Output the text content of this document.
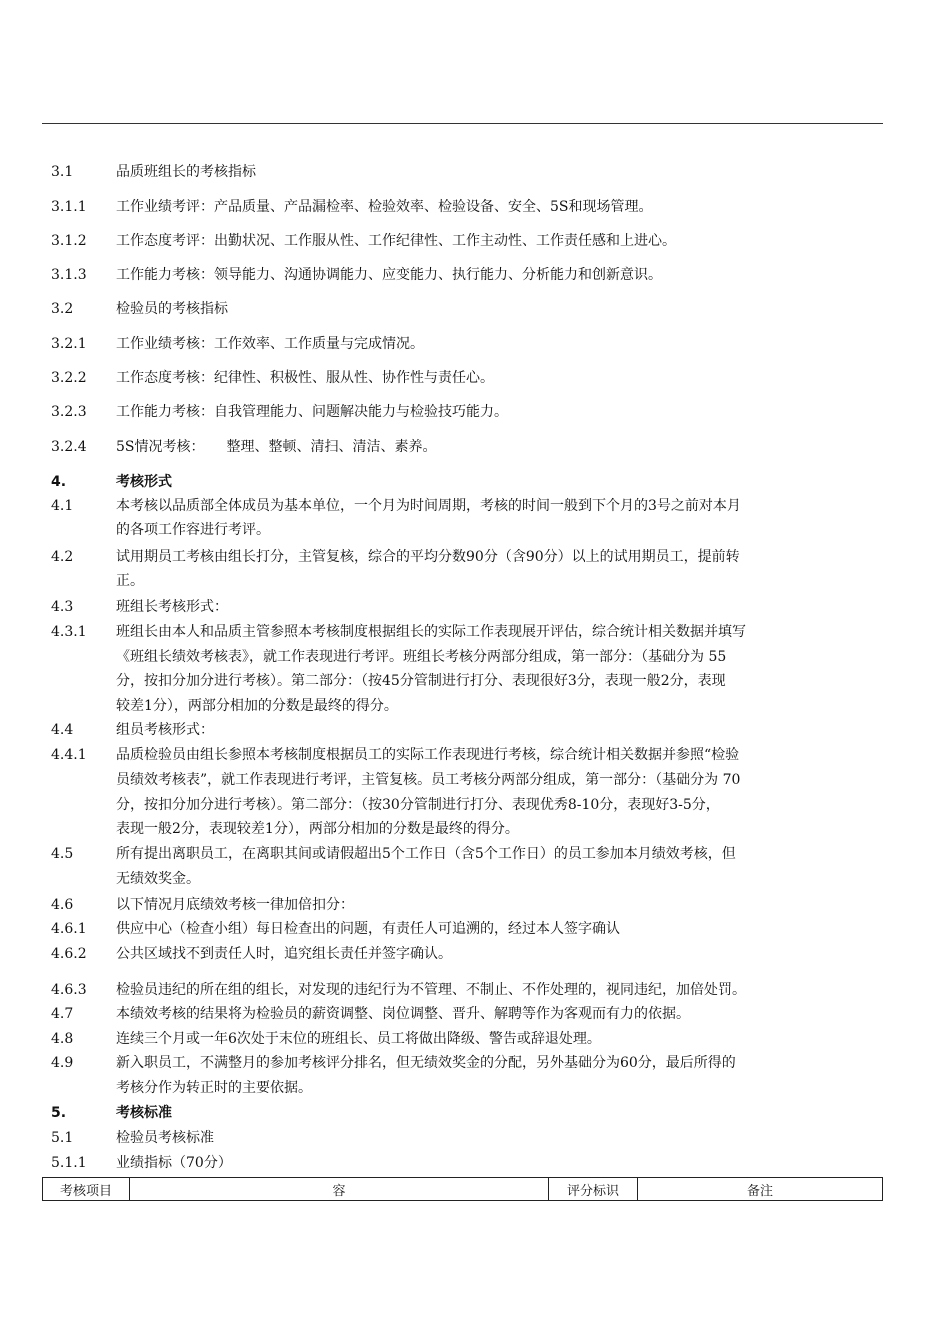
3.1	品质班组长的考核指标
3.1.1 工作业绩考评：产品质量、产品漏检率、检验效率、检验设备、安全、5S和现场管理。
3.1.2 工作态度考评：出勤状况、工作服从性、工作纪律性、工作主动性、工作责任感和上进心。
3.1.3 工作能力考核：领导能力、沟通协调能力、应变能力、执行能力、分析能力和创新意识。
3.2	检验员的考核指标
3.2.1 工作业绩考核：工作效率、工作质量与完成情况。
3.2.2 工作态度考核：纪律性、积极性、服从性、协作性与责任心。
3.2.3 工作能力考核：自我管理能力、问题解决能力与检验技巧能力。
3.2.4 5S情况考核： 整理、整顿、清扫、清洁、素养。
4.	考核形式
4.1	本考核以品质部全体成员为基本单位，一个月为时间周期，考核的时间一般到下个月的3号之前对本月
的各项工作容进行考评。
4.2	试用期员工考核由组长打分，主管复核，综合的平均分数90分（含90分）以上的试用期员工，提前转
正。
4.3	班组长考核形式：
4.3.1 班组长由本人和品质主管参照本考核制度根据组长的实际工作表现展开评估，综合统计相关数据并填写
《班组长绩效考核表》，就工作表现进行考评。班组长考核分两部分组成，第一部分：（基础分为 55
分，按扣分加分进行考核）。第二部分：（按45分管制进行打分、表现很好3分，表现一般2分，表现
较差1分），两部分相加的分数是最终的得分。
4.4	组员考核形式：
4.4.1 品质检验员由组长参照本考核制度根据员工的实际工作表现进行考核，综合统计相关数据并参照“检验
员绩效考核表”，就工作表现进行考评，主管复核。员工考核分两部分组成，第一部分：（基础分为 70
分，按扣分加分进行考核）。第二部分：（按30分管制进行打分、表现优秀8-10分，表现好3-5分，
表现一般2分，表现较差1分），两部分相加的分数是最终的得分。
4.5	所有提出离职员工，在离职其间或请假超出5个工作日（含5个工作日）的员工参加本月绩效考核，但
无绩效奖金。
4.6	以下情况月底绩效考核一律加倍扣分：
4.6.1 供应中心（检查小组）每日检查出的问题，有责任人可追溯的，经过本人签字确认
4.6.2 公共区域找不到责任人时，追究组长责任并签字确认。
4.6.3 检验员违纪的所在组的组长，对发现的违纪行为不管理、不制止、不作处理的，视同违纪，加倍处罚。
4.7	本绩效考核的结果将为检验员的薪资调整、岗位调整、晋升、解聘等作为客观而有力的依据。
4.8	连续三个月或一年6次处于末位的班组长、员工将做出降级、警告或辞退处理。
4.9	新入职员工，不满整月的参加考核评分排名，但无绩效奖金的分配，另外基础分为60分，最后所得的
考核分作为转正时的主要依据。
5.	考核标准
5.1	检验员考核标准
5.1.1 业绩指标（70分）
考核项目	容	评分标识	备注
